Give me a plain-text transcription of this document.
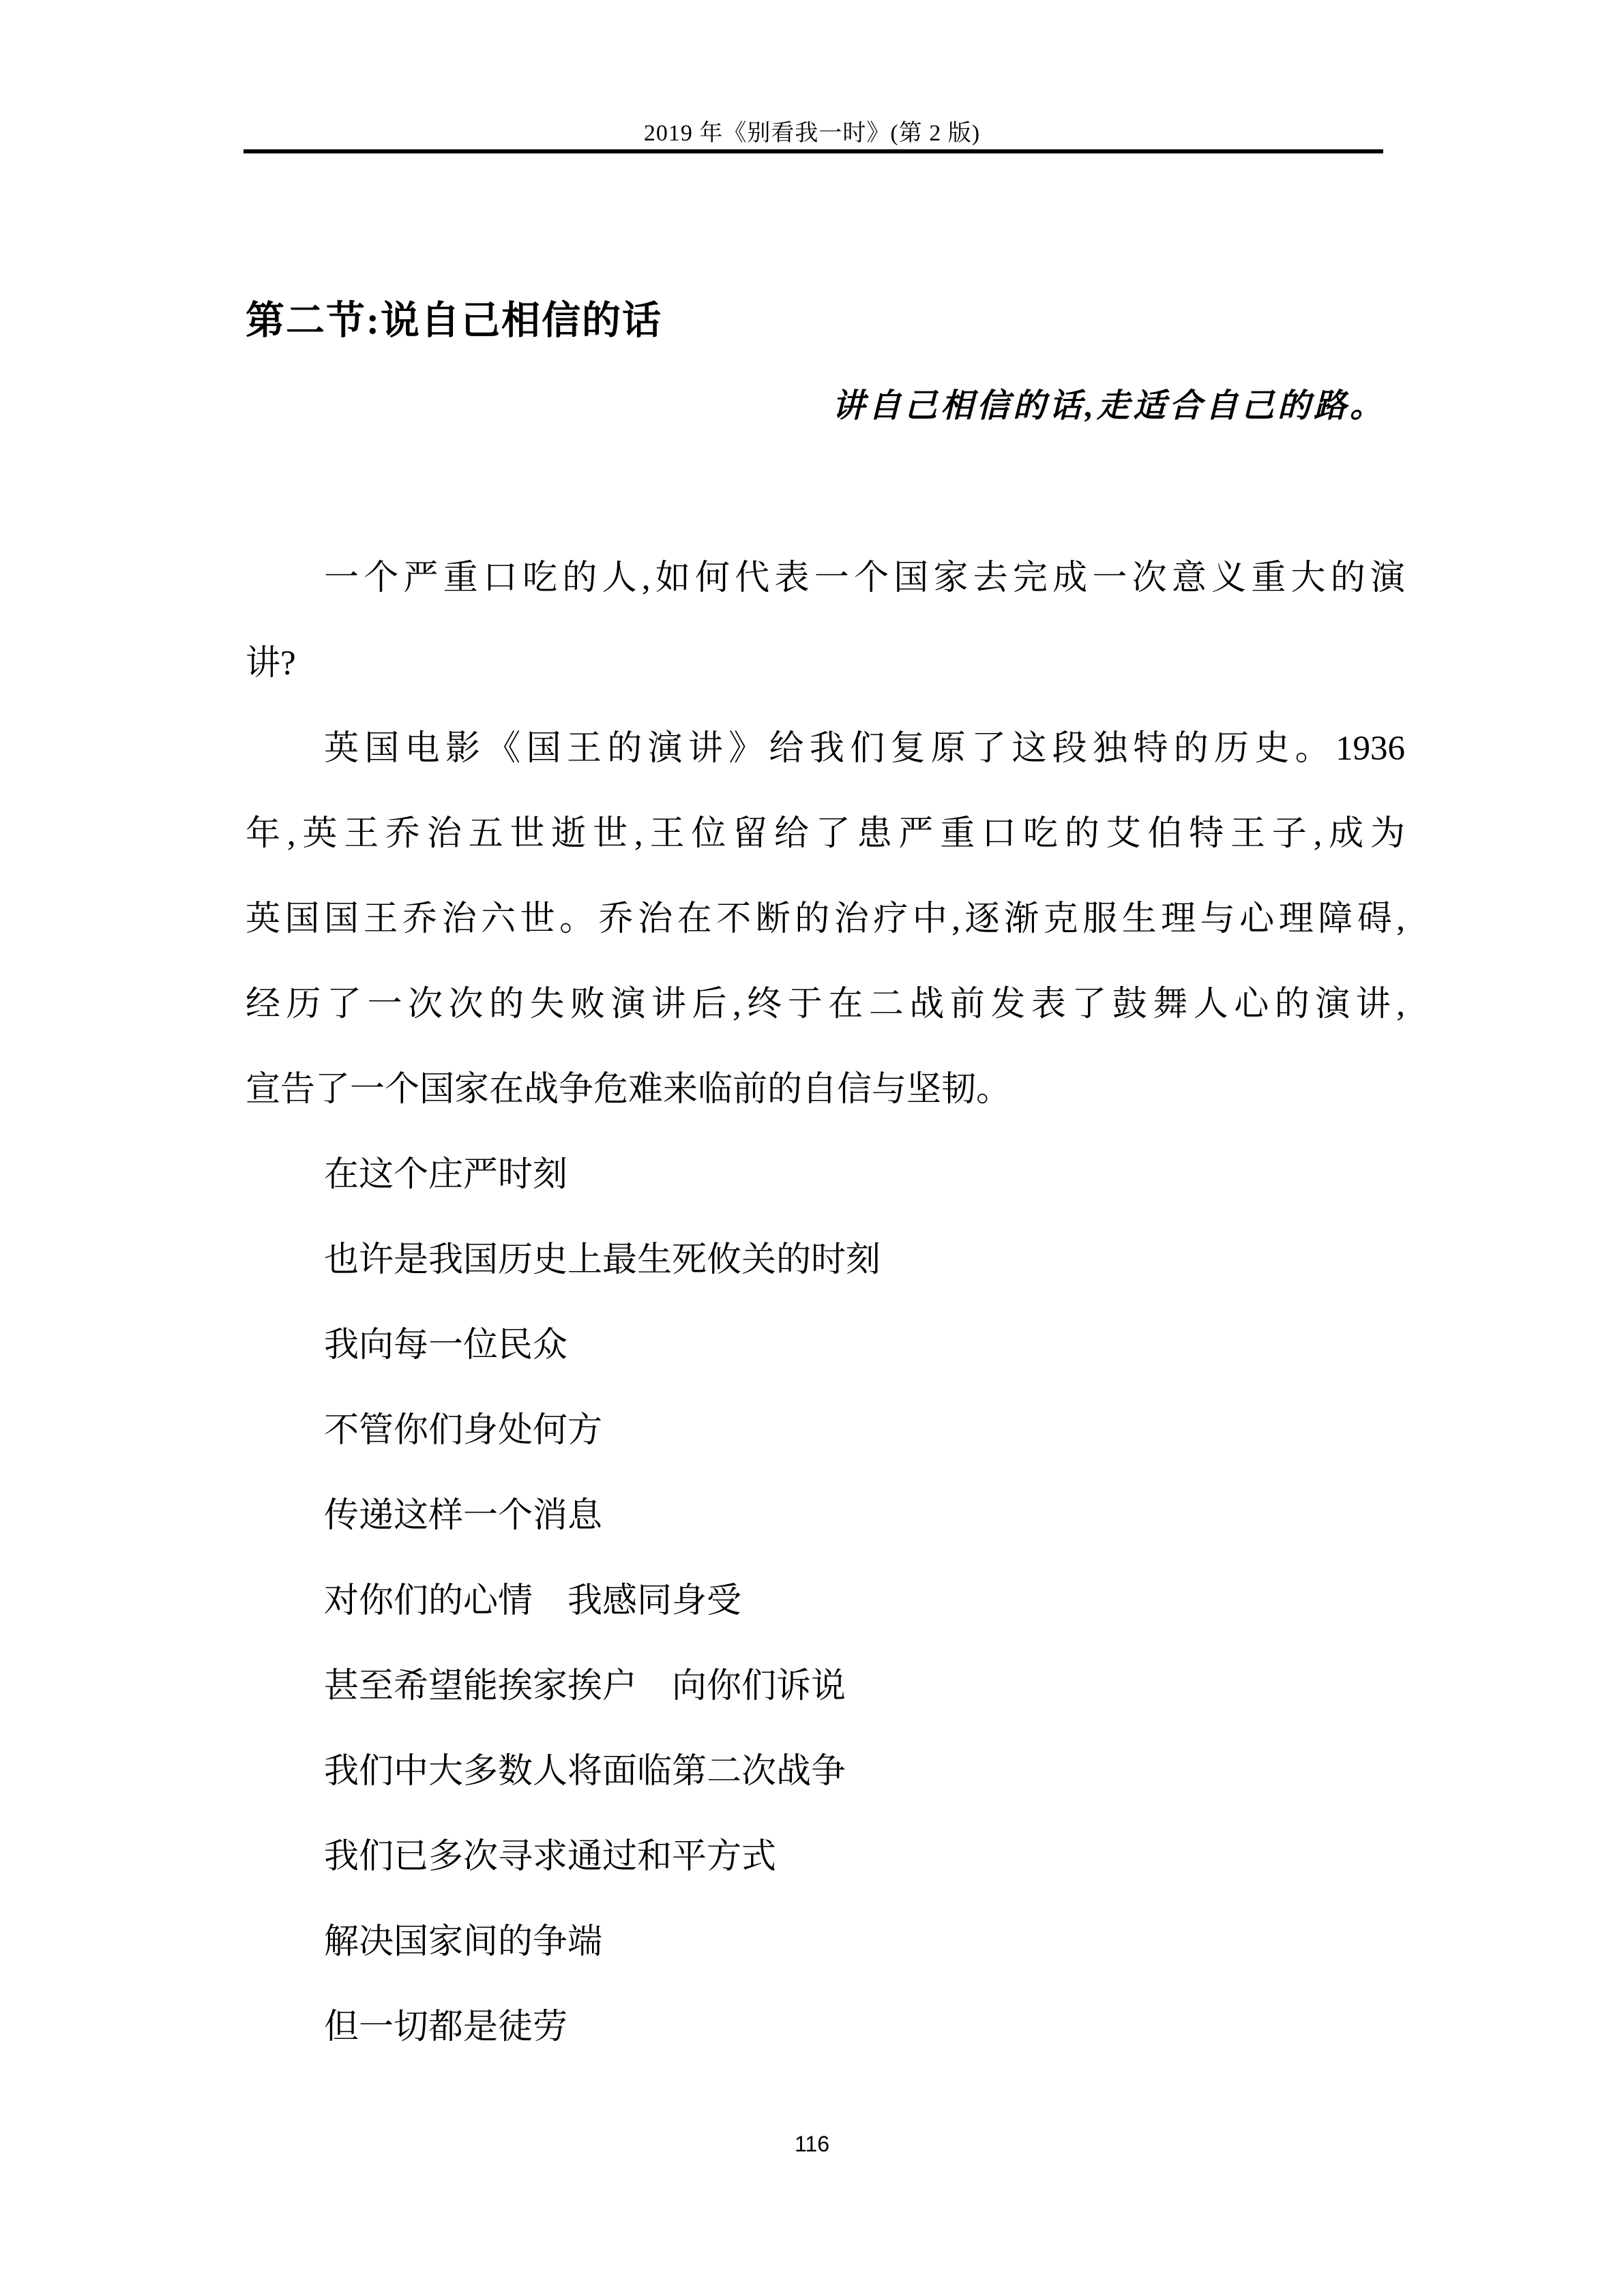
2019 年《别看我一时》(第 2 版)
第二节:说自己相信的话
讲自己相信的话,走适合自己的路。
一个严重口吃的人,如何代表一个国家去完成一次意义重大的演
讲?
英国电影《国王的演讲》给我们复原了这段独特的历史。1936
年,英王乔治五世逝世,王位留给了患严重口吃的艾伯特王子,成为
英国国王乔治六世。乔治在不断的治疗中,逐渐克服生理与心理障碍,
经历了一次次的失败演讲后,终于在二战前发表了鼓舞人心的演讲,
宣告了一个国家在战争危难来临前的自信与坚韧。
在这个庄严时刻
也许是我国历史上最生死攸关的时刻
我向每一位民众
不管你们身处何方
传递这样一个消息
对你们的心情　我感同身受
甚至希望能挨家挨户　向你们诉说
我们中大多数人将面临第二次战争
我们已多次寻求通过和平方式
解决国家间的争端
但一切都是徒劳
116
